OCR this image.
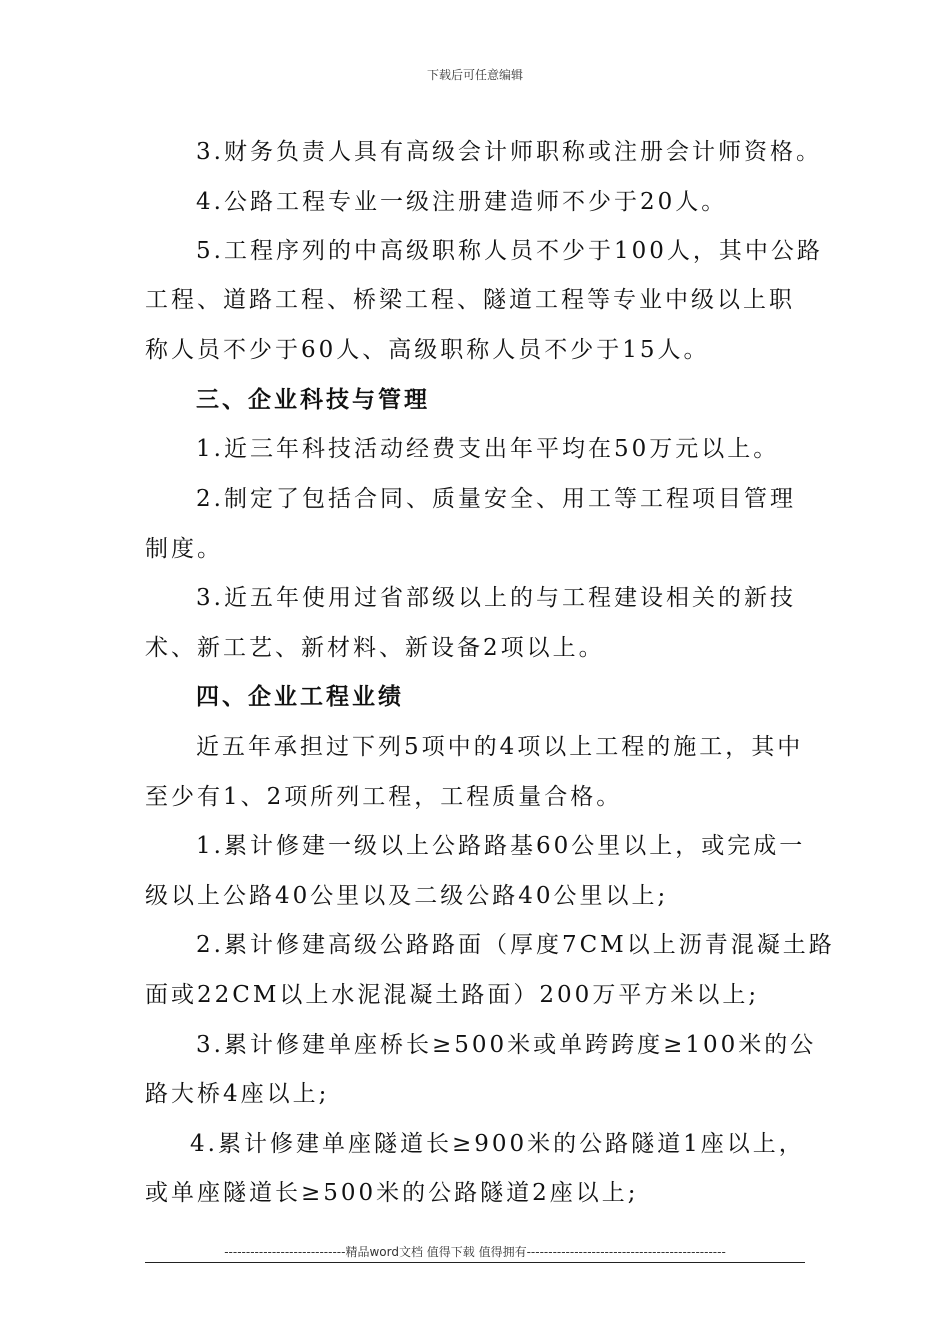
下载后可任意编辑
3.财务负责人具有高级会计师职称或注册会计师资格。
4.公路工程专业一级注册建造师不少于20人。
5.工程序列的中高级职称人员不少于100人，其中公路
工程、道路工程、桥梁工程、隧道工程等专业中级以上职
称人员不少于60人、高级职称人员不少于15人。
三、企业科技与管理
1.近三年科技活动经费支出年平均在50万元以上。
2.制定了包括合同、质量安全、用工等工程项目管理
制度。
3.近五年使用过省部级以上的与工程建设相关的新技
术、新工艺、新材料、新设备2项以上。
四、企业工程业绩
近五年承担过下列5项中的4项以上工程的施工，其中
至少有1、2项所列工程，工程质量合格。
1.累计修建一级以上公路路基60公里以上，或完成一
级以上公路40公里以及二级公路40公里以上;
2.累计修建高级公路路面（厚度7CM以上沥青混凝土路
面或22CM以上水泥混凝土路面）200万平方米以上;
3.累计修建单座桥长≥500米或单跨跨度≥100米的公
路大桥4座以上;
4.累计修建单座隧道长≥900米的公路隧道1座以上，
或单座隧道长≥500米的公路隧道2座以上;
----------------------------精品word文档 值得下载 值得拥有----------------------------------------------
